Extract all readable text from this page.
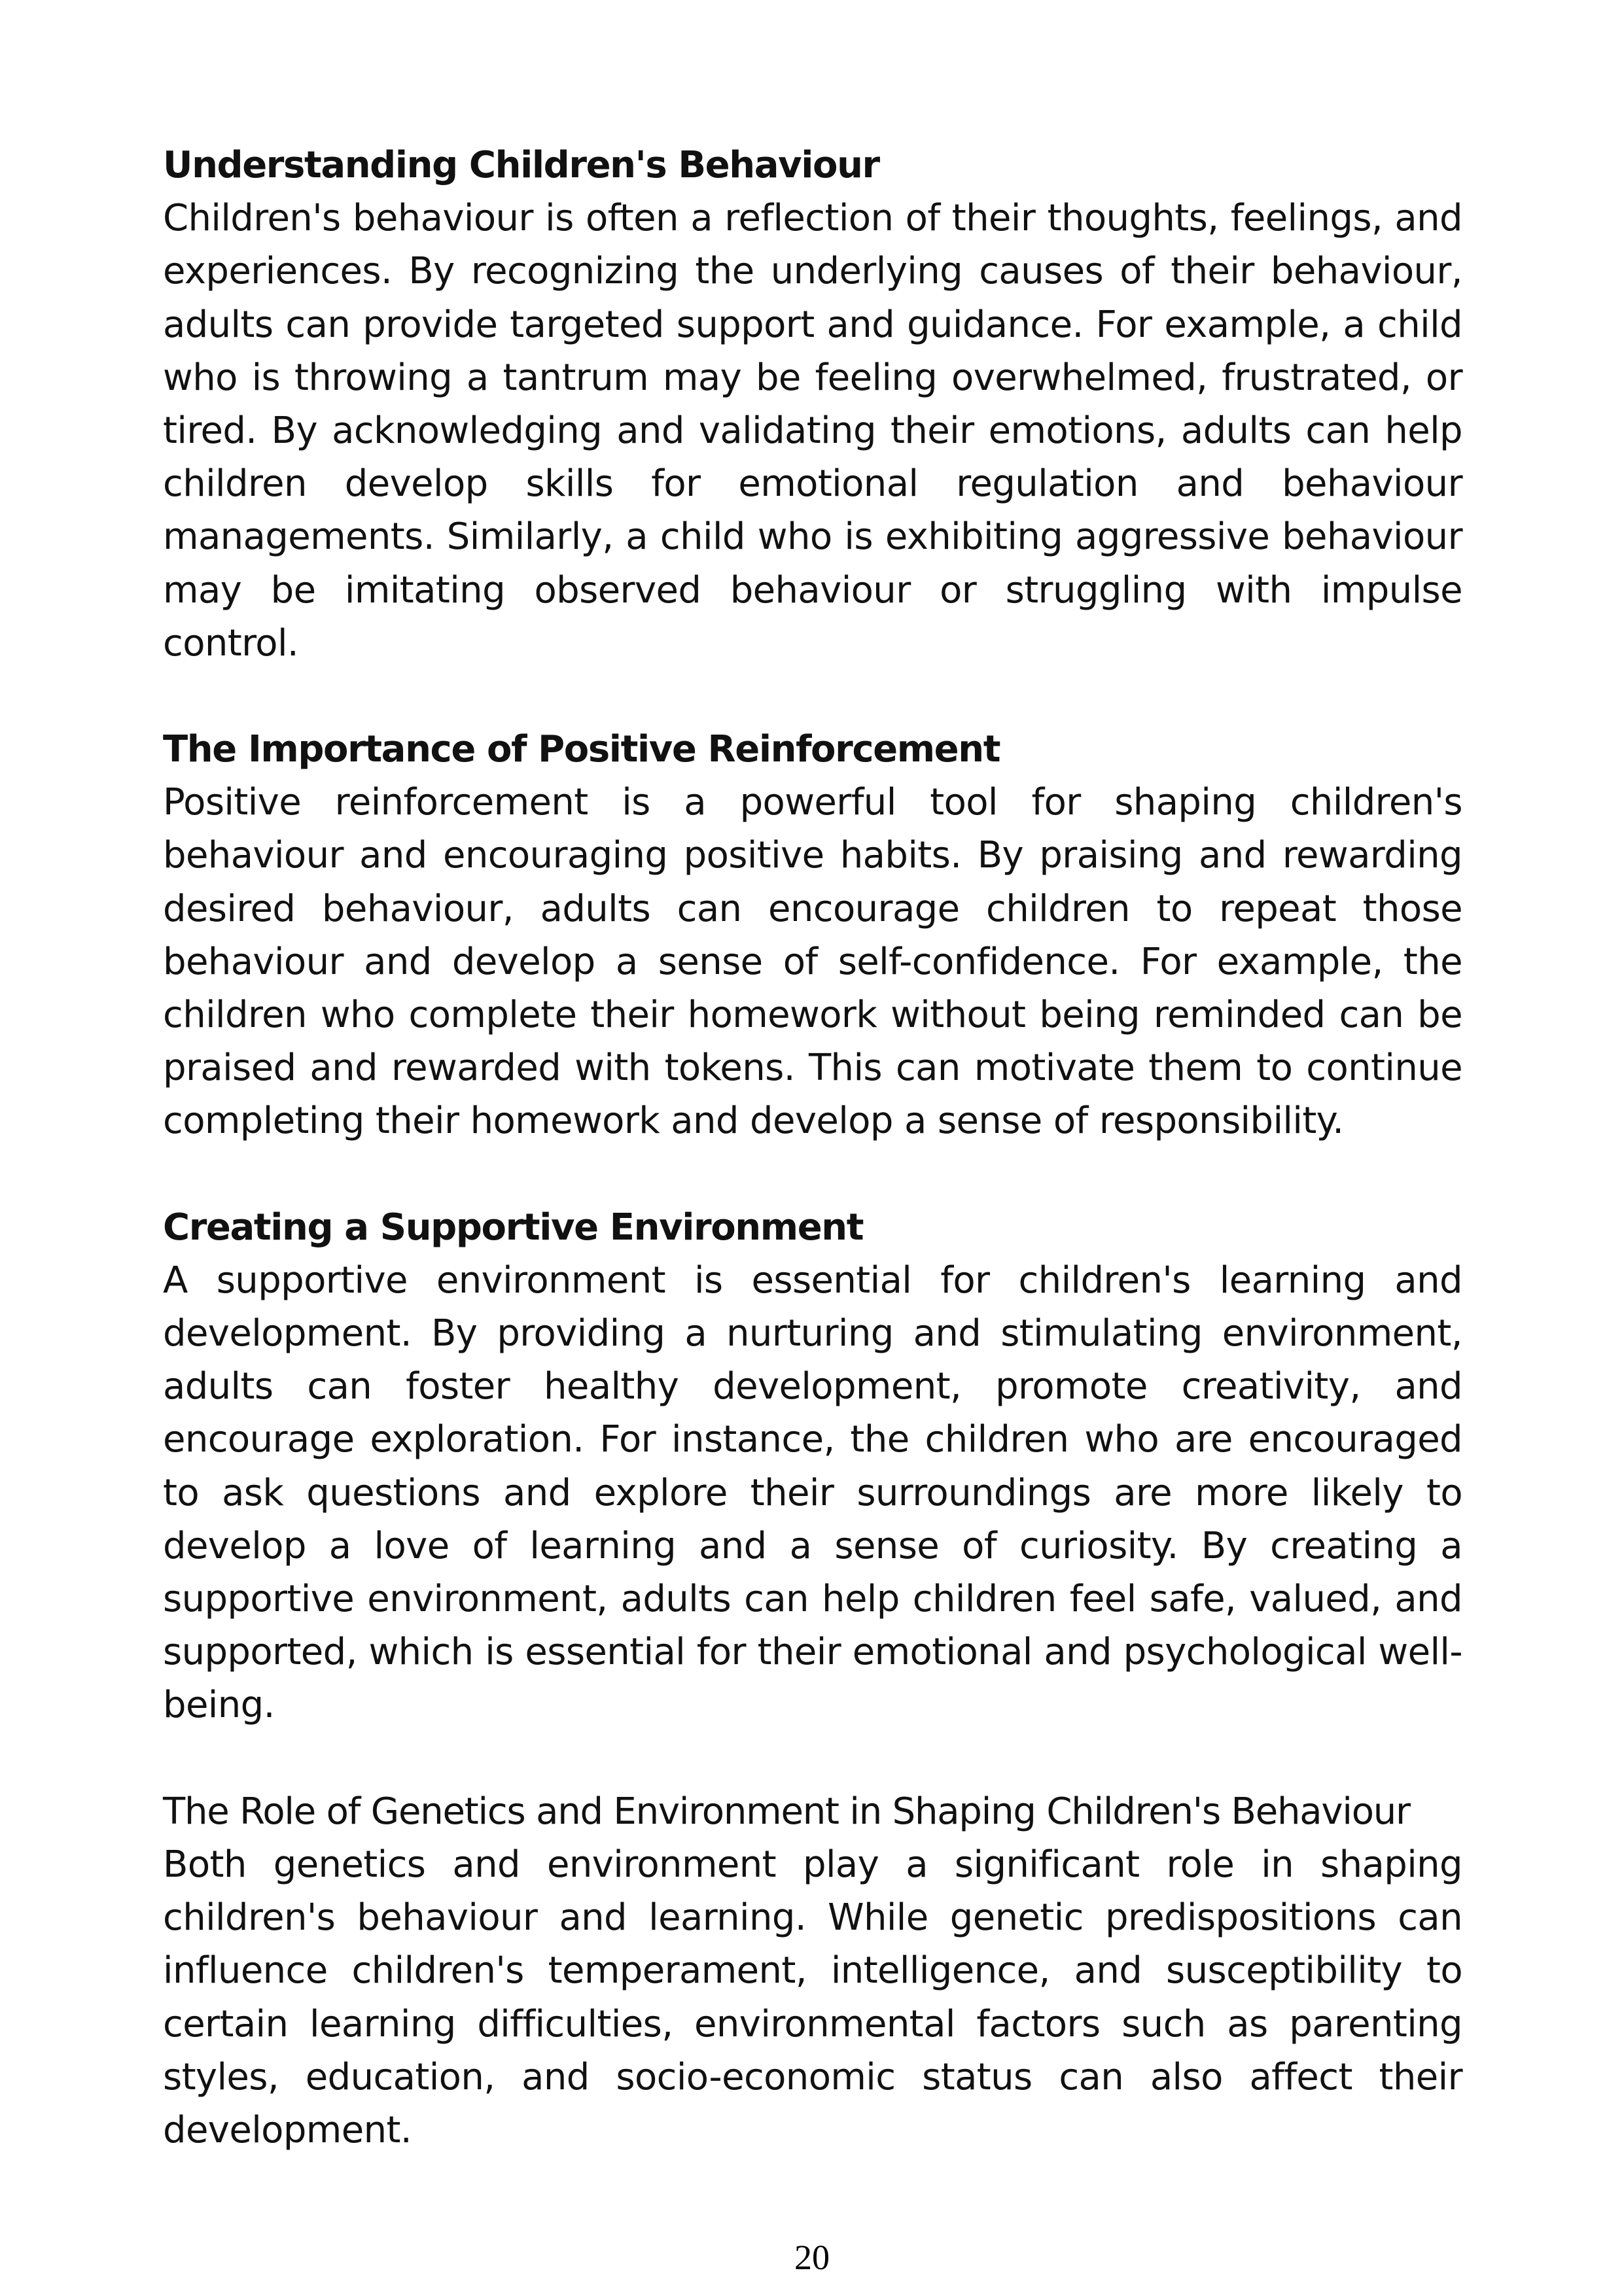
Understanding Children's Behaviour

Children's behaviour is often a reflection of their thoughts, feelings, and experiences. By recognizing the underlying causes of their behaviour, adults can provide targeted support and guidance. For example, a child who is throwing a tantrum may be feeling overwhelmed, frustrated, or tired. By acknowledging and validating their emotions, adults can help children develop skills for emotional regulation and behaviour managements. Similarly, a child who is exhibiting aggressive behaviour may be imitating observed behaviour or struggling with impulse control.

The Importance of Positive Reinforcement

Positive reinforcement is a powerful tool for shaping children's behaviour and encouraging positive habits. By praising and rewarding desired behaviour, adults can encourage children to repeat those behaviour and develop a sense of self-confidence. For example, the children who complete their homework without being reminded can be praised and rewarded with tokens. This can motivate them to continue completing their homework and develop a sense of responsibility.

Creating a Supportive Environment

A supportive environment is essential for children's learning and development. By providing a nurturing and stimulating environment, adults can foster healthy development, promote creativity, and encourage exploration. For instance, the children who are encouraged to ask questions and explore their surroundings are more likely to develop a love of learning and a sense of curiosity. By creating a supportive environment, adults can help children feel safe, valued, and supported, which is essential for their emotional and psychological well-being.

The Role of Genetics and Environment in Shaping Children's Behaviour

Both genetics and environment play a significant role in shaping children's behaviour and learning. While genetic predispositions can influence children's temperament, intelligence, and susceptibility to certain learning difficulties, environmental factors such as parenting styles, education, and socio-economic status can also affect their development.

20
